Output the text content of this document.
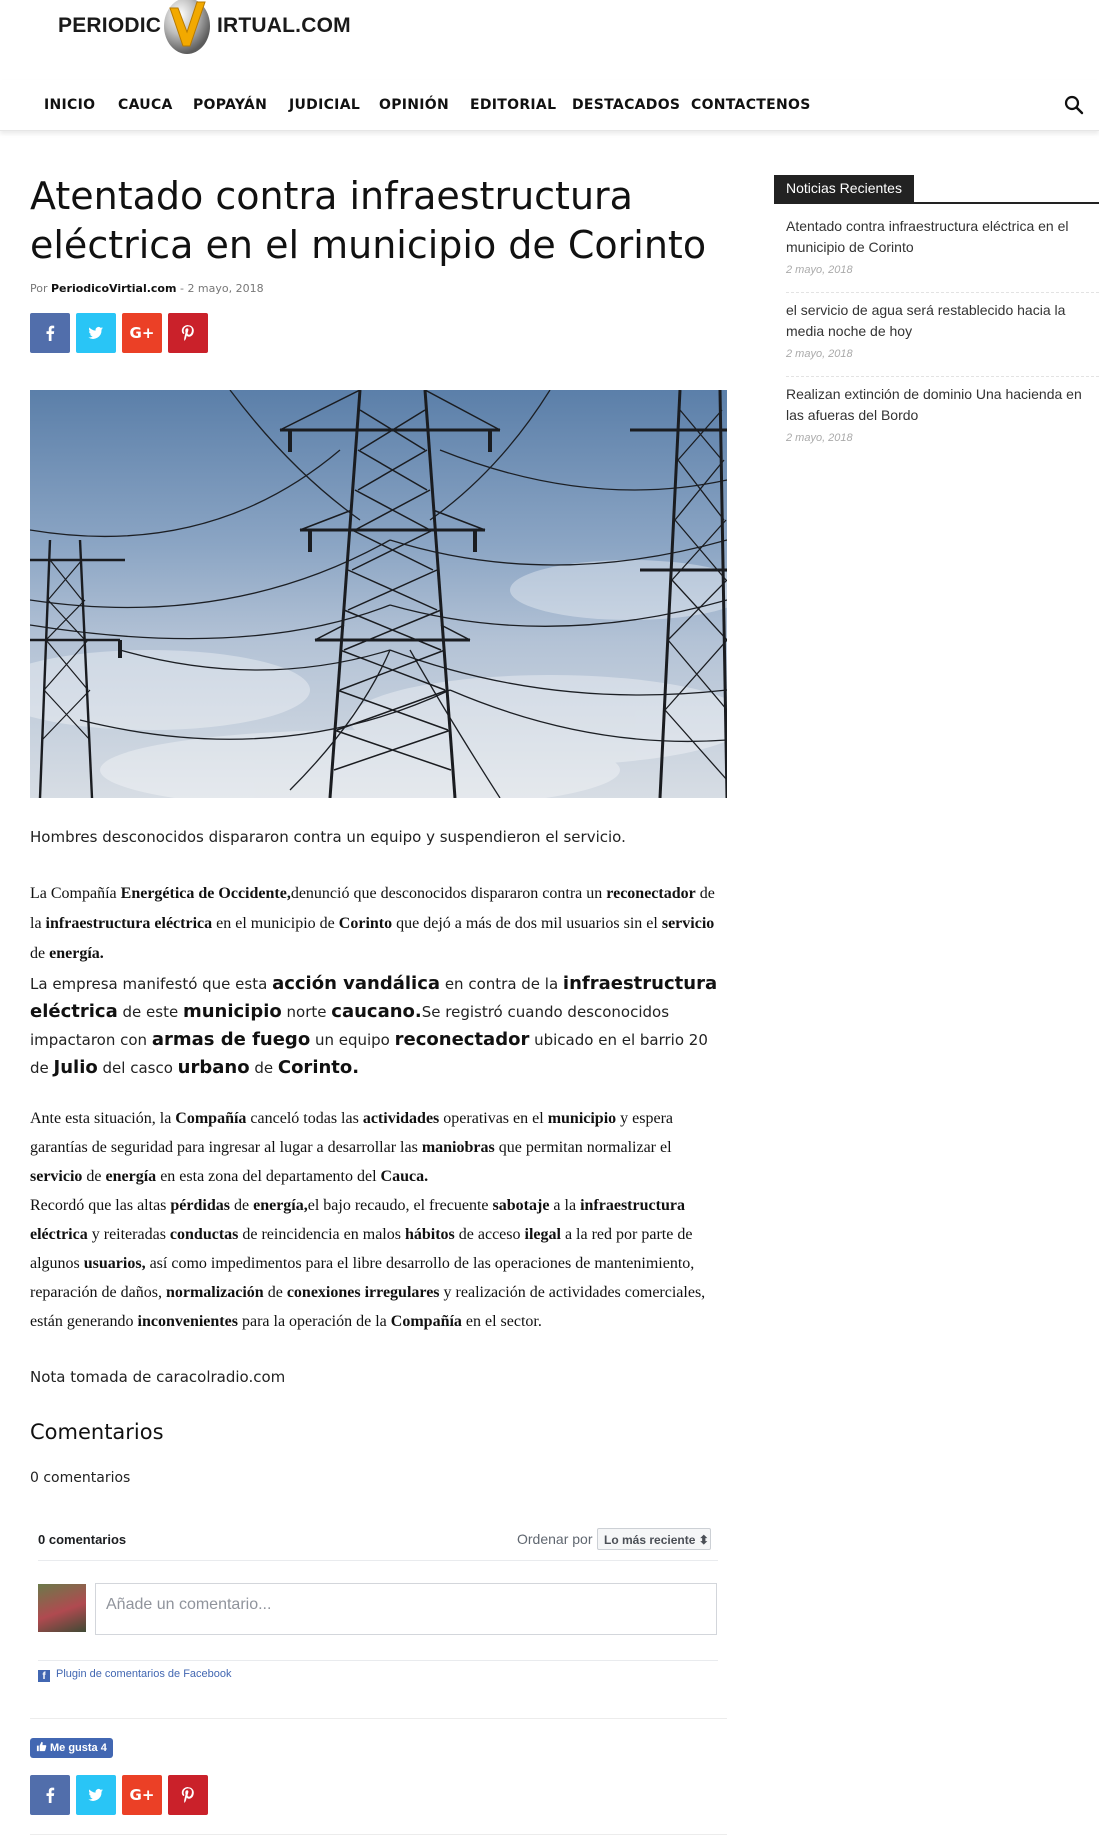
PERIODIC	IRTUAL.COM
INICIO CAUCA POPAYÁN JUDICIAL OPINIÓN EDITORIAL DESTACADOS CONTACTENOS
Atentado contra infraestructura eléctrica en el municipio de Corinto
Por PeriodicoVirtial.com - 2 mayo, 2018
G+

Hombres desconocidos dispararon contra un equipo y suspendieron el servicio.

La Compañía Energética de Occidente,denunció que desconocidos dispararon contra un reconectador de la infraestructura eléctrica en el municipio de Corinto que dejó a más de dos mil usuarios sin el servicio de energía.

La empresa manifestó que esta acción vandálica en contra de la infraestructura eléctrica de este municipio norte caucano.Se registró cuando desconocidos impactaron con armas de fuego un equipo reconectador ubicado en el barrio 20 de Julio del casco urbano de Corinto.

Ante esta situación, la Compañía canceló todas las actividades operativas en el municipio y espera garantías de seguridad para ingresar al lugar a desarrollar las maniobras que permitan normalizar el servicio de energía en esta zona del departamento del Cauca.

Recordó que las altas pérdidas de energía,el bajo recaudo, el frecuente sabotaje a la infraestructura eléctrica y reiteradas conductas de reincidencia en malos hábitos de acceso ilegal a la red por parte de algunos usuarios, así como impedimentos para el libre desarrollo de las operaciones de mantenimiento, reparación de daños, normalización de conexiones irregulares y realización de actividades comerciales, están generando inconvenientes para la operación de la Compañía en el sector.

Nota tomada de caracolradio.com

Comentarios
0 comentarios
0 comentarios	Ordenar por Lo más reciente ⬍
Añade un comentario...
f Plugin de comentarios de Facebook
Me gusta 4
G+
Noticias Recientes
Atentado contra infraestructura eléctrica en el municipio de Corinto
2 mayo, 2018
el servicio de agua será restablecido hacia la media noche de hoy
2 mayo, 2018
Realizan extinción de dominio Una hacienda en las afueras del Bordo
2 mayo, 2018
